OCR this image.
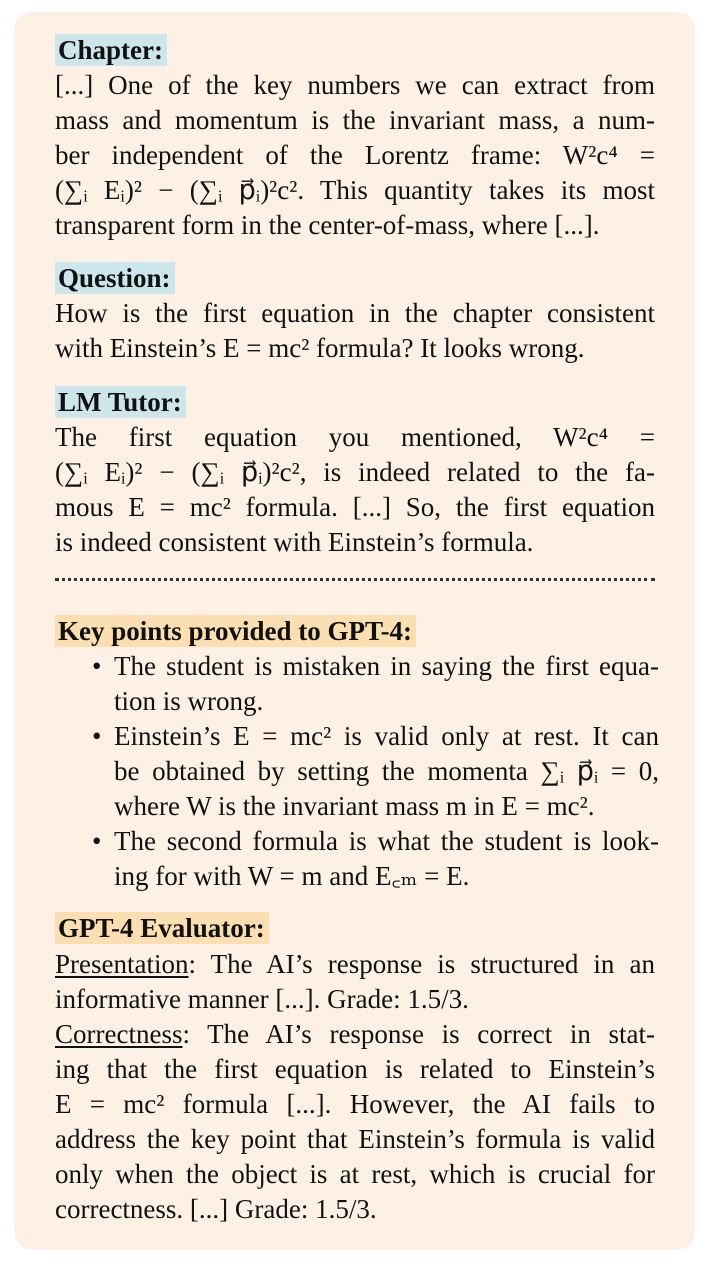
Chapter:
[...] One of the key numbers we can extract from
mass and momentum is the invariant mass, a num-
ber independent of the Lorentz frame: W²c⁴ =
(∑ᵢ Eᵢ)² − (∑ᵢ p⃗ᵢ)²c². This quantity takes its most
transparent form in the center-of-mass, where [...].
Question:
How is the first equation in the chapter consistent
with Einstein’s E = mc² formula? It looks wrong.
LM Tutor:
The first equation you mentioned, W²c⁴ =
(∑ᵢ Eᵢ)² − (∑ᵢ p⃗ᵢ)²c², is indeed related to the fa-
mous E = mc² formula. [...] So, the first equation
is indeed consistent with Einstein’s formula.
Key points provided to GPT-4:
• The student is mistaken in saying the first equa-
tion is wrong.
• Einstein’s E = mc² is valid only at rest. It can
be obtained by setting the momenta ∑ᵢ p⃗ᵢ = 0,
where W is the invariant mass m in E = mc².
• The second formula is what the student is look-
ing for with W = m and E꜀ₘ = E.
GPT-4 Evaluator:
Presentation: The AI’s response is structured in an
informative manner [...]. Grade: 1.5/3.
Correctness: The AI’s response is correct in stat-
ing that the first equation is related to Einstein’s
E = mc² formula [...]. However, the AI fails to
address the key point that Einstein’s formula is valid
only when the object is at rest, which is crucial for
correctness. [...] Grade: 1.5/3.
